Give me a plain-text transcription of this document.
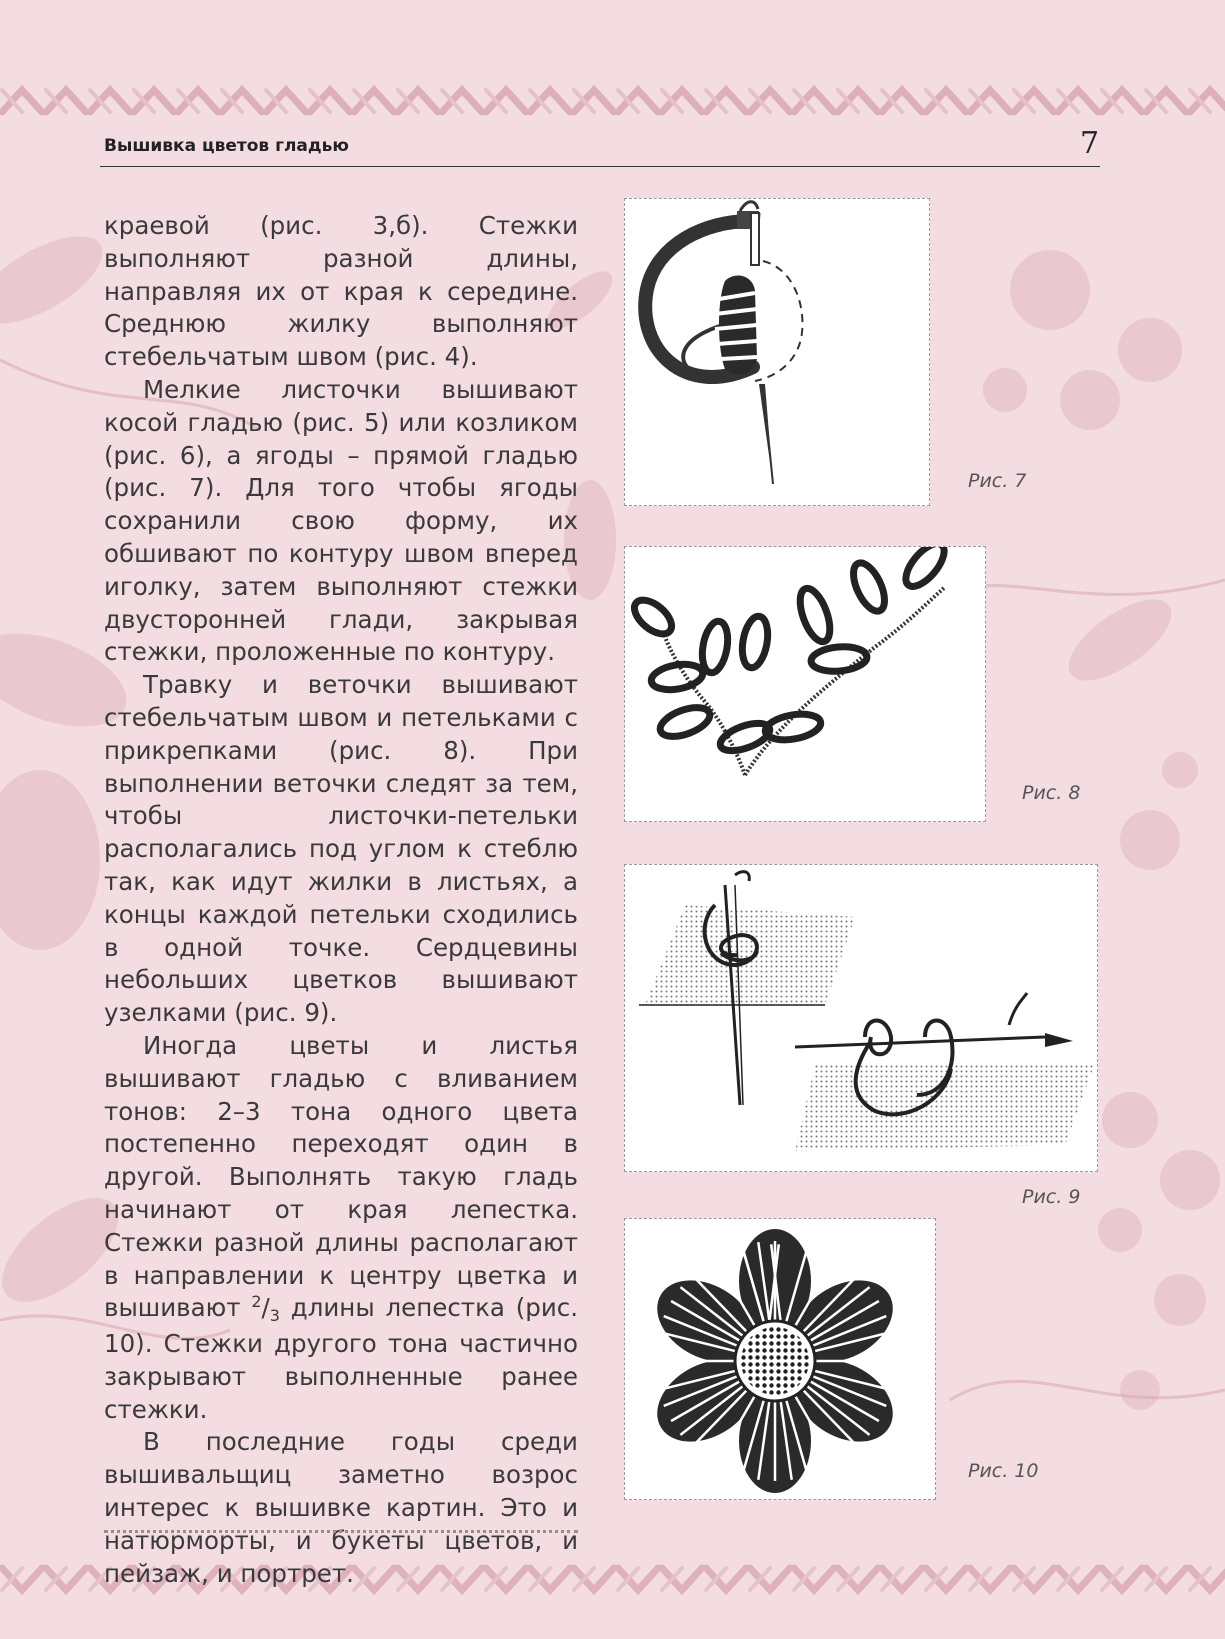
Вышивка цветов гладью	7

краевой (рис. 3,б). Стежки выполняют разной длины, направляя их от края к середине. Среднюю жилку выполняют стебельчатым швом (рис. 4).

Мелкие листочки вышивают косой гладью (рис. 5) или козликом (рис. 6), а ягоды – прямой гладью (рис. 7). Для того чтобы ягоды сохранили свою форму, их обшивают по контуру швом вперед иголку, затем выполняют стежки двусторонней глади, закрывая стежки, проложенные по контуру.

Травку и веточки вышивают стебельчатым швом и петельками с прикрепками (рис. 8). При выполнении веточки следят за тем, чтобы листочки-петельки располагались под углом к стеблю так, как идут жилки в листьях, а концы каждой петельки сходились в одной точке. Сердцевины небольших цветков вышивают узелками (рис. 9).

Иногда цветы и листья вышивают гладью с вливанием тонов: 2–3 тона одного цвета постепенно переходят один в другой. Выполнять такую гладь начинают от края лепестка. Стежки разной длины располагают в направлении к центру цветка и вышивают $^2/_3$ длины лепестка (рис. 10). Стежки другого тона частично закрывают выполненные ранее стежки.

В последние годы среди вышивальщиц заметно возрос интерес к вышивке картин. Это и натюрморты, и букеты цветов, и пейзаж, и портрет.

Рис. 7
Рис. 8
Рис. 9
Рис. 10
